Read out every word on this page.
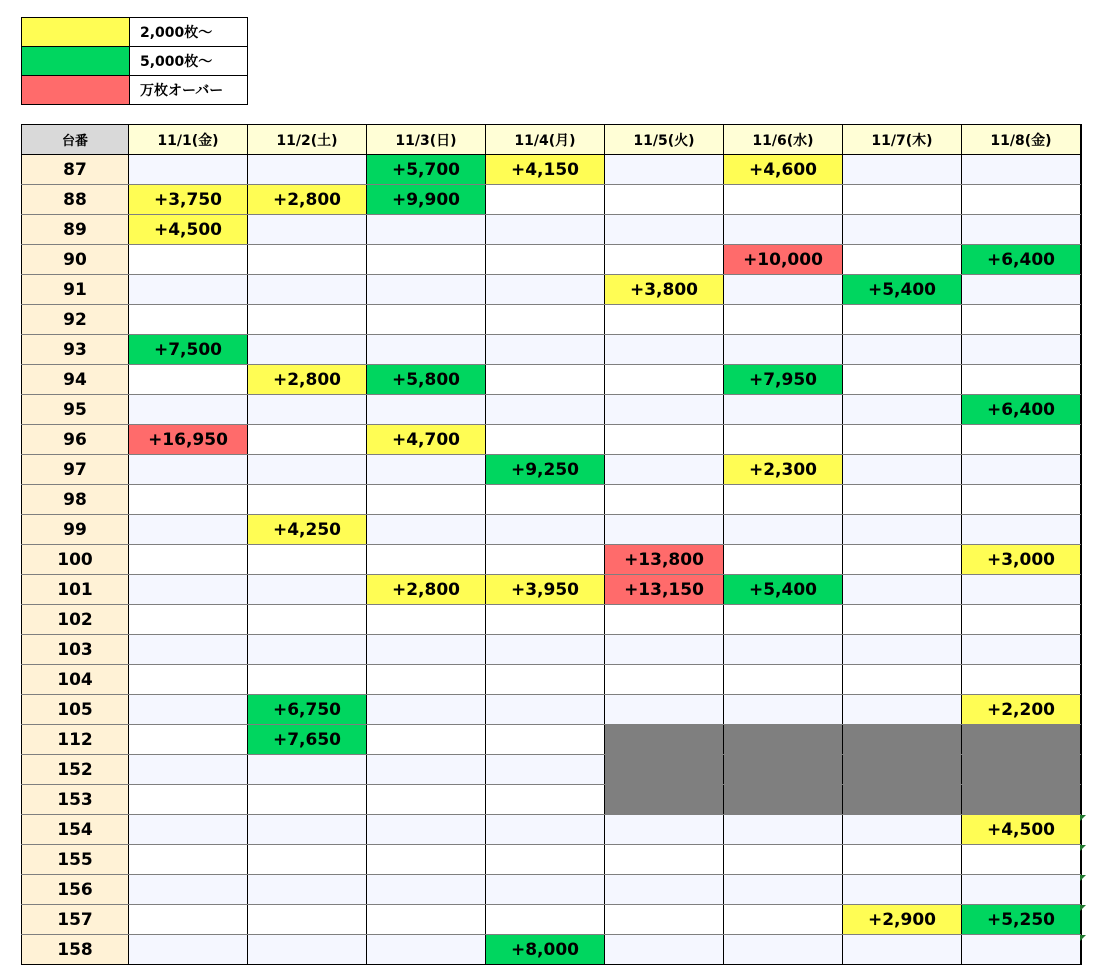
	2,000枚〜
	5,000枚〜
	万枚オーバー
台番	11/1(金)	11/2(土)	11/3(日)	11/4(月)	11/5(火)	11/6(水)	11/7(木)	11/8(金)
87			+5,700	+4,150		+4,600		
88	+3,750	+2,800	+9,900					
89	+4,500							
90						+10,000		+6,400
91					+3,800		+5,400	
92								
93	+7,500							
94		+2,800	+5,800			+7,950		
95								+6,400
96	+16,950		+4,700					
97				+9,250		+2,300		
98								
99		+4,250						
100					+13,800			+3,000
101			+2,800	+3,950	+13,150	+5,400		
102								
103								
104								
105		+6,750						+2,200
112		+7,650						
152								
153								
154								+4,500
155								
156								
157							+2,900	+5,250
158				+8,000				
